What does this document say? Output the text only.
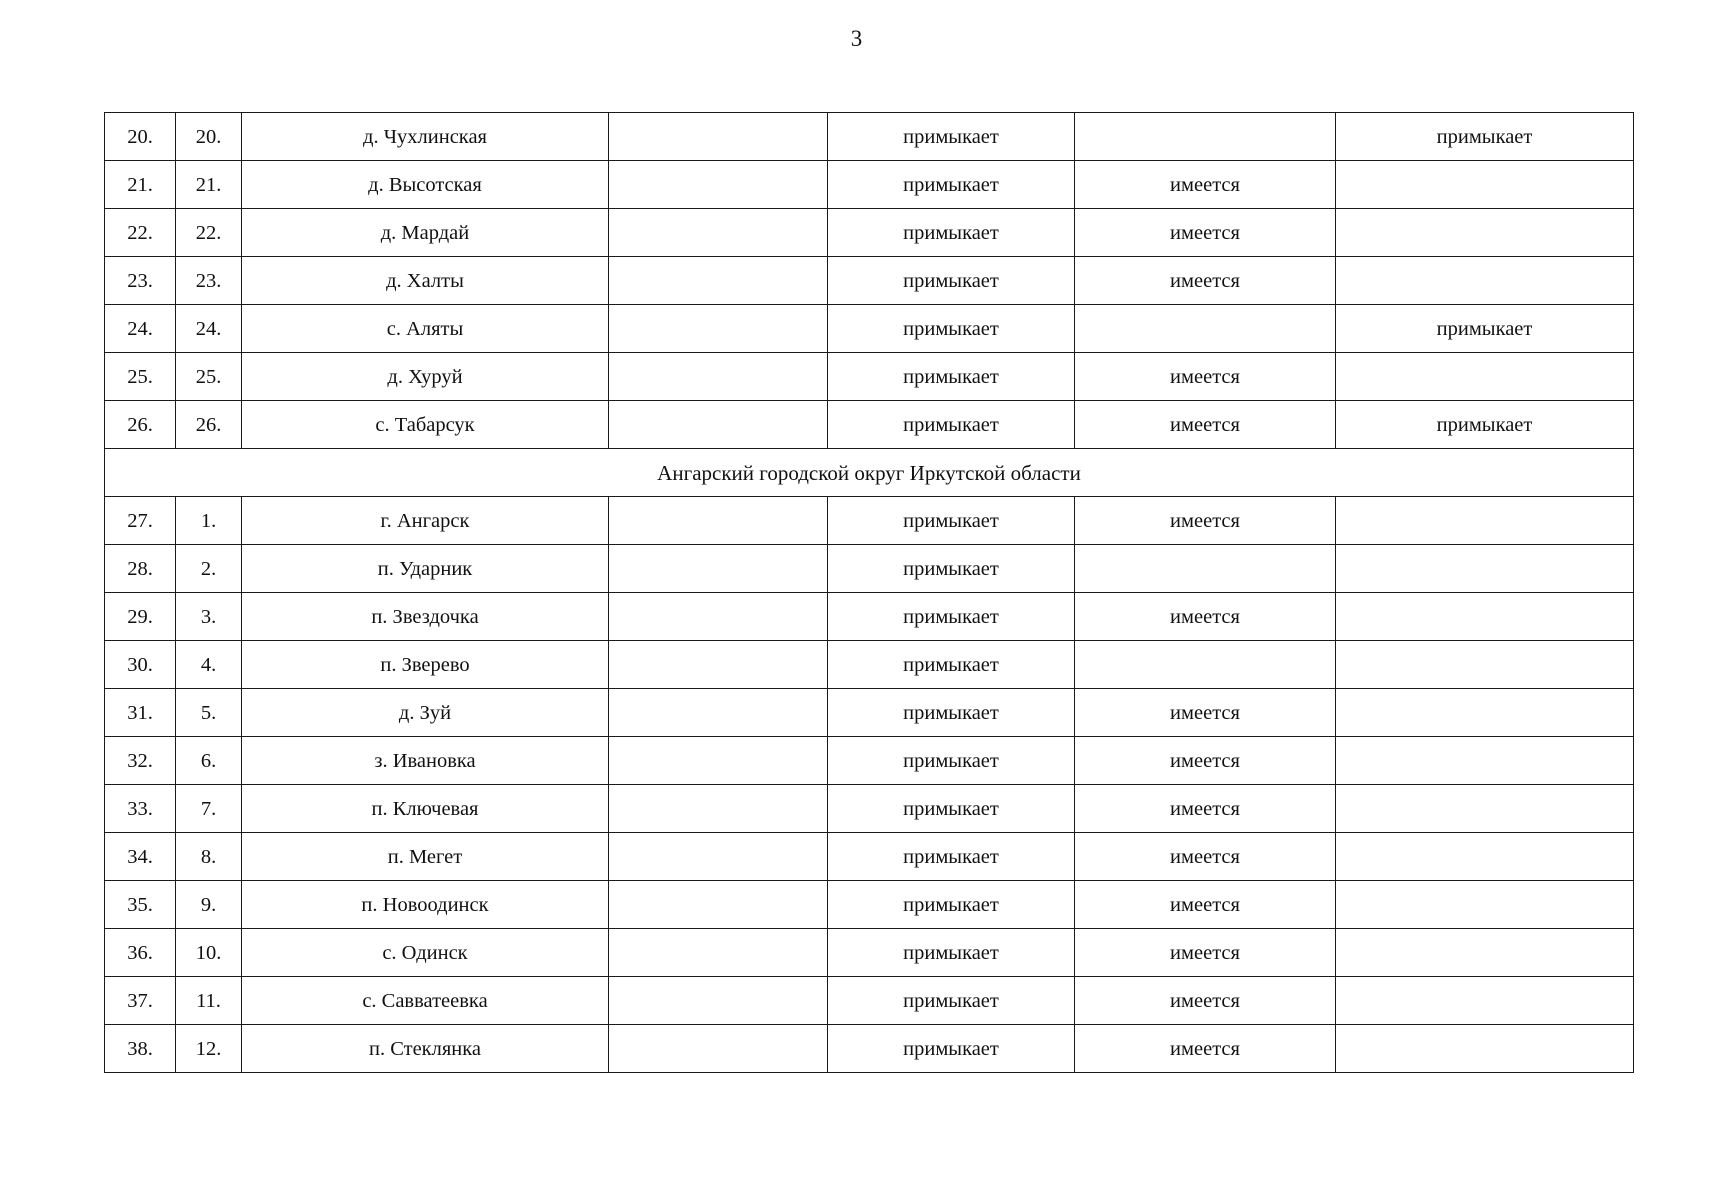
3
20.	20.	д. Чухлинская		примыкает		примыкает
21.	21.	д. Высотская		примыкает	имеется	
22.	22.	д. Мардай		примыкает	имеется	
23.	23.	д. Халты		примыкает	имеется	
24.	24.	с. Аляты		примыкает		примыкает
25.	25.	д. Хуруй		примыкает	имеется	
26.	26.	с. Табарсук		примыкает	имеется	примыкает
Ангарский городской округ Иркутской области						
27.	1.	г. Ангарск		примыкает	имеется	
28.	2.	п. Ударник		примыкает		
29.	3.	п. Звездочка		примыкает	имеется	
30.	4.	п. Зверево		примыкает		
31.	5.	д. Зуй		примыкает	имеется	
32.	6.	з. Ивановка		примыкает	имеется	
33.	7.	п. Ключевая		примыкает	имеется	
34.	8.	п. Мегет		примыкает	имеется	
35.	9.	п. Новоодинск		примыкает	имеется	
36.	10.	с. Одинск		примыкает	имеется	
37.	11.	с. Савватеевка		примыкает	имеется	
38.	12.	п. Стеклянка		примыкает	имеется	
